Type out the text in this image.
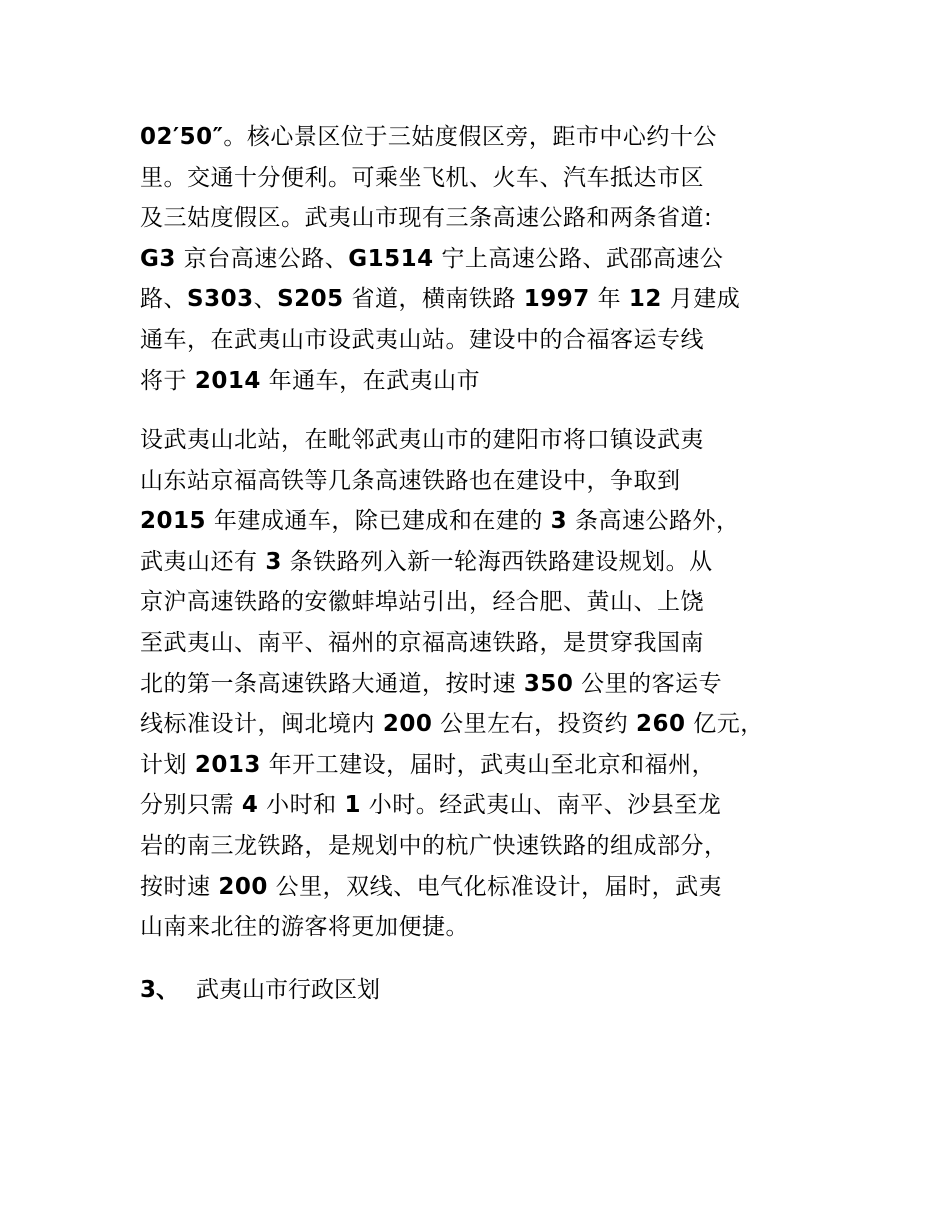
02′50″。核心景区位于三姑度假区旁，距市中心约十公
里。交通十分便利。可乘坐飞机、火车、汽车抵达市区
及三姑度假区。武夷山市现有三条高速公路和两条省道:
G3 京台高速公路、G1514 宁上高速公路、武邵高速公
路、S303、S205 省道，横南铁路 1997 年 12 月建成
通车，在武夷山市设武夷山站。建设中的合福客运专线
将于 2014 年通车，在武夷山市
设武夷山北站，在毗邻武夷山市的建阳市将口镇设武夷
山东站京福高铁等几条高速铁路也在建设中，争取到
2015 年建成通车，除已建成和在建的 3 条高速公路外，
武夷山还有 3 条铁路列入新一轮海西铁路建设规划。从
京沪高速铁路的安徽蚌埠站引出，经合肥、黄山、上饶
至武夷山、南平、福州的京福高速铁路，是贯穿我国南
北的第一条高速铁路大通道，按时速 350 公里的客运专
线标准设计，闽北境内 200 公里左右，投资约 260 亿元，
计划 2013 年开工建设，届时，武夷山至北京和福州，
分别只需 4 小时和 1 小时。经武夷山、南平、沙县至龙
岩的南三龙铁路，是规划中的杭广快速铁路的组成部分，
按时速 200 公里，双线、电气化标准设计，届时，武夷
山南来北往的游客将更加便捷。
3、 武夷山市行政区划
